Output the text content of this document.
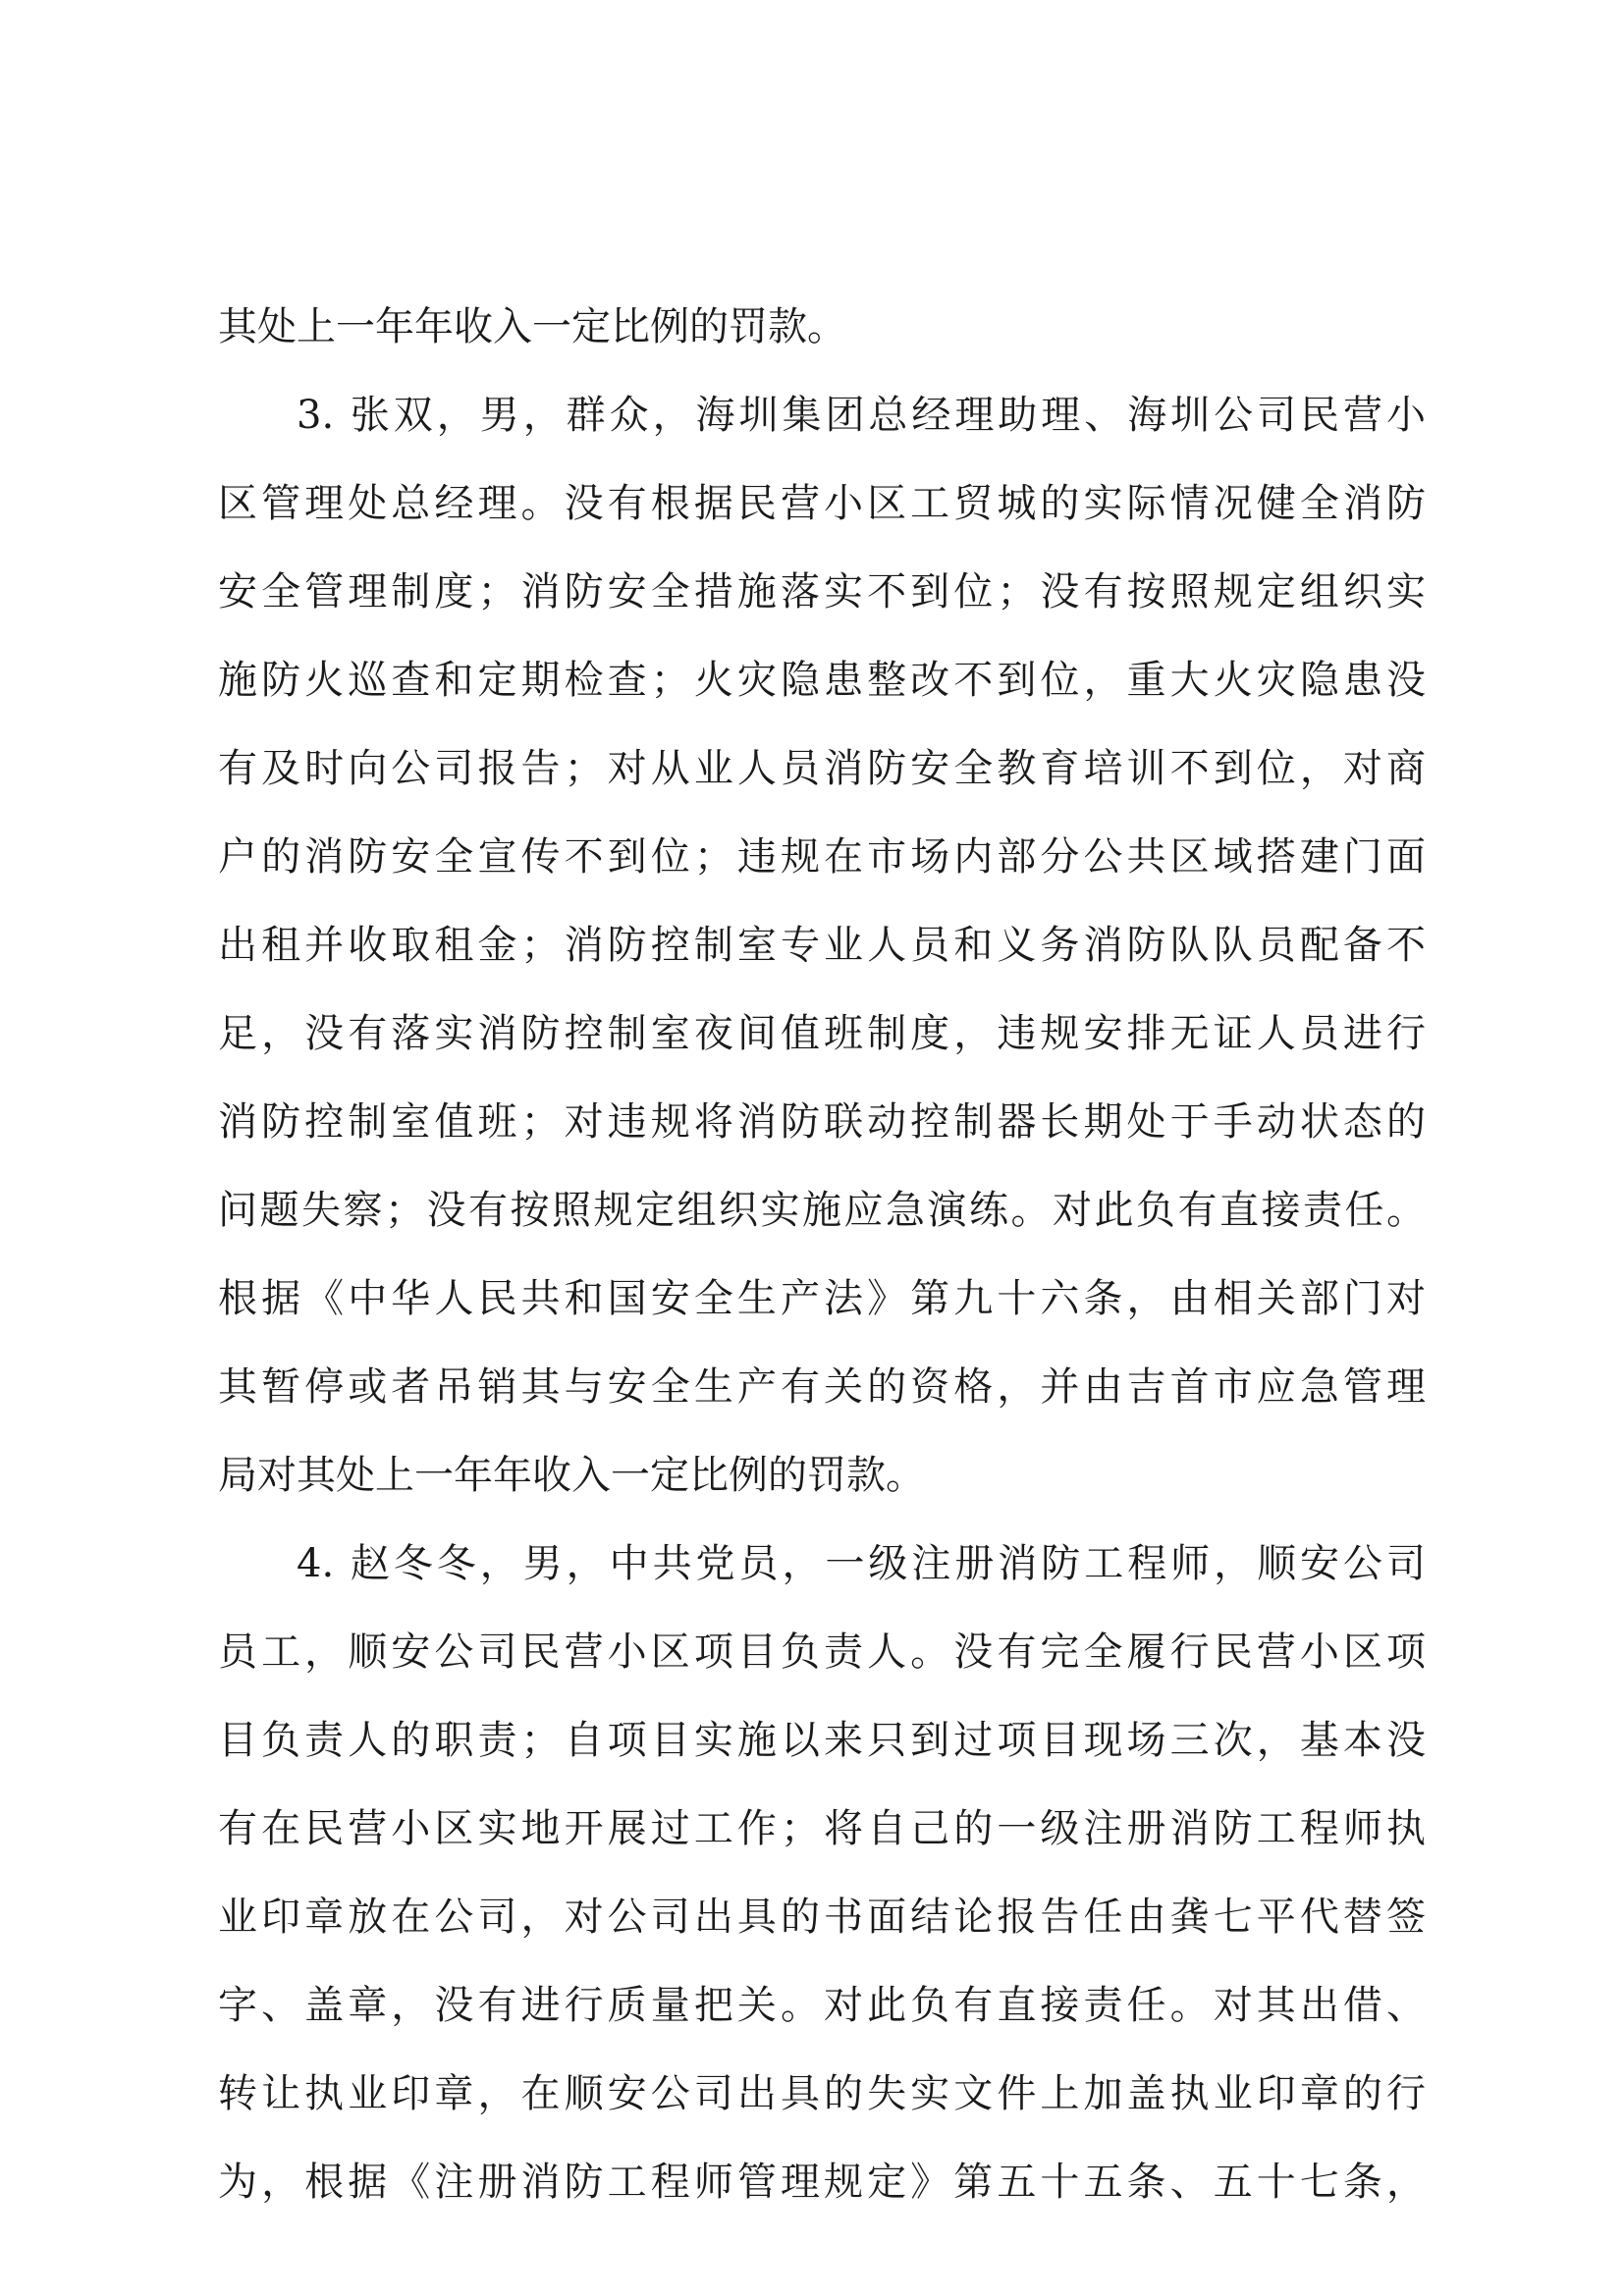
其处上一年年收入一定比例的罚款。
3. 张双，男，群众，海圳集团总经理助理、海圳公司民营小
区管理处总经理。没有根据民营小区工贸城的实际情况健全消防
安全管理制度；消防安全措施落实不到位；没有按照规定组织实
施防火巡查和定期检查；火灾隐患整改不到位，重大火灾隐患没
有及时向公司报告；对从业人员消防安全教育培训不到位，对商
户的消防安全宣传不到位；违规在市场内部分公共区域搭建门面
出租并收取租金；消防控制室专业人员和义务消防队队员配备不
足，没有落实消防控制室夜间值班制度，违规安排无证人员进行
消防控制室值班；对违规将消防联动控制器长期处于手动状态的
问题失察；没有按照规定组织实施应急演练。对此负有直接责任。
根据《中华人民共和国安全生产法》第九十六条，由相关部门对
其暂停或者吊销其与安全生产有关的资格，并由吉首市应急管理
局对其处上一年年收入一定比例的罚款。
4. 赵冬冬，男，中共党员，一级注册消防工程师，顺安公司
员工，顺安公司民营小区项目负责人。没有完全履行民营小区项
目负责人的职责；自项目实施以来只到过项目现场三次，基本没
有在民营小区实地开展过工作；将自己的一级注册消防工程师执
业印章放在公司，对公司出具的书面结论报告任由龚七平代替签
字、盖章，没有进行质量把关。对此负有直接责任。对其出借、
转让执业印章，在顺安公司出具的失实文件上加盖执业印章的行
为，根据《注册消防工程师管理规定》第五十五条、五十七条，
